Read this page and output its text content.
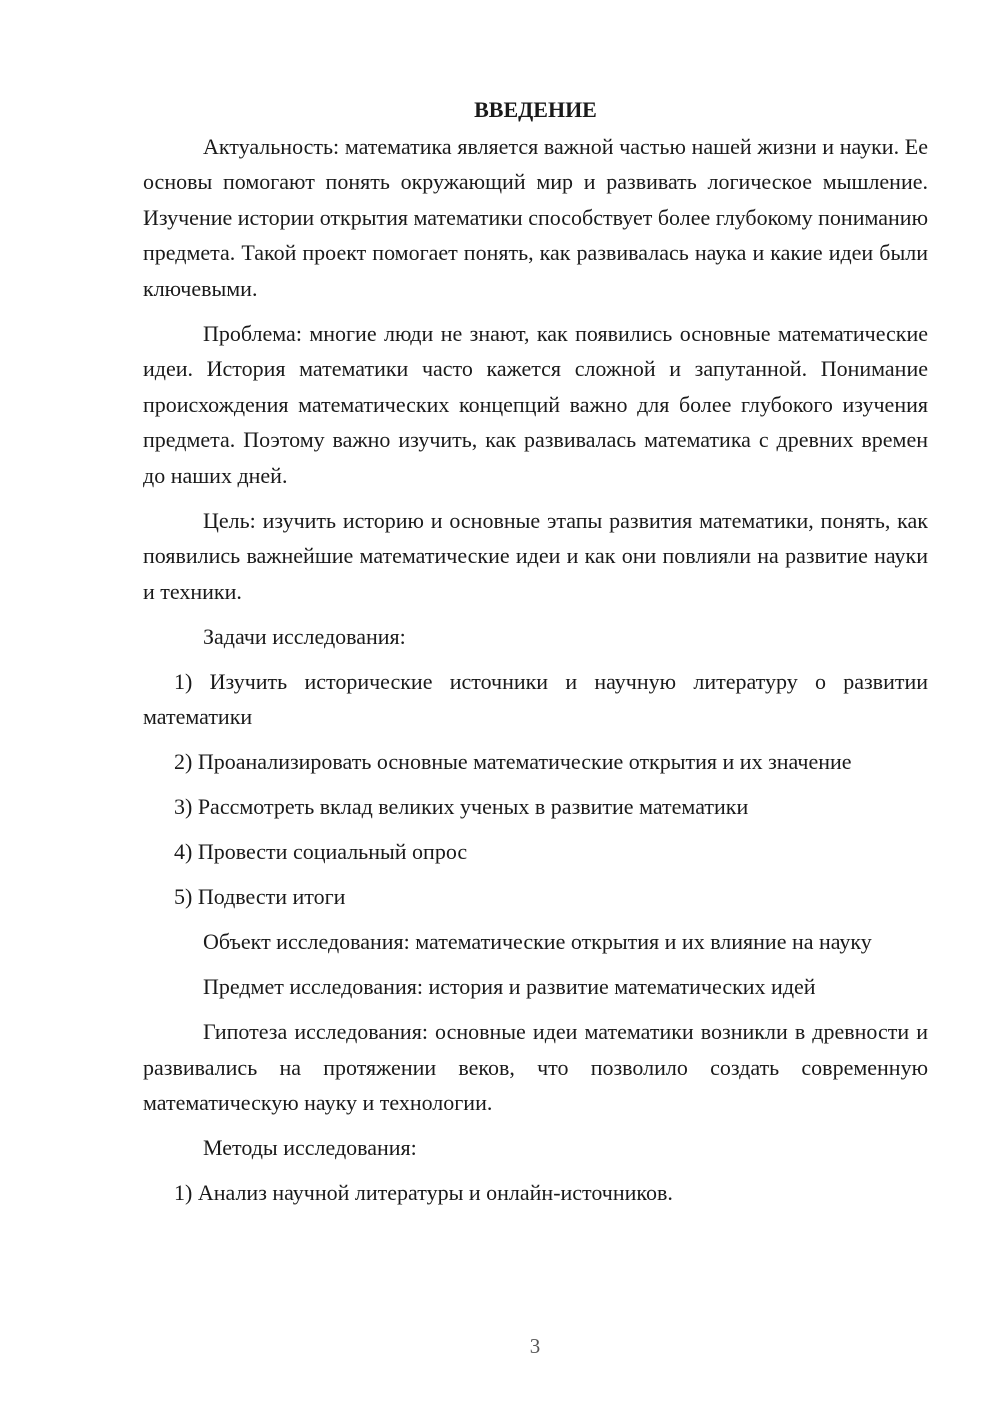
ВВЕДЕНИЕ

Актуальность: математика является важной частью нашей жизни и науки. Ее основы помогают понять окружающий мир и развивать логическое мышление. Изучение истории открытия математики способствует более глубокому пониманию предмета. Такой проект помогает понять, как развивалась наука и какие идеи были ключевыми.

Проблема: многие люди не знают, как появились основные математические идеи. История математики часто кажется сложной и запутанной. Понимание происхождения математических концепций важно для более глубокого изучения предмета. Поэтому важно изучить, как развивалась математика с древних времен до наших дней.

Цель: изучить историю и основные этапы развития математики, понять, как появились важнейшие математические идеи и как они повлияли на развитие науки и техники.

Задачи исследования:

1) Изучить исторические источники и научную литературу о развитии математики

2) Проанализировать основные математические открытия и их значение

3) Рассмотреть вклад великих ученых в развитие математики

4) Провести социальный опрос

5) Подвести итоги

Объект исследования: математические открытия и их влияние на науку

Предмет исследования: история и развитие математических идей

Гипотеза исследования: основные идеи математики возникли в древности и развивались на протяжении веков, что позволило создать современную математическую науку и технологии.

Методы исследования:

1) Анализ научной литературы и онлайн-источников.

3
